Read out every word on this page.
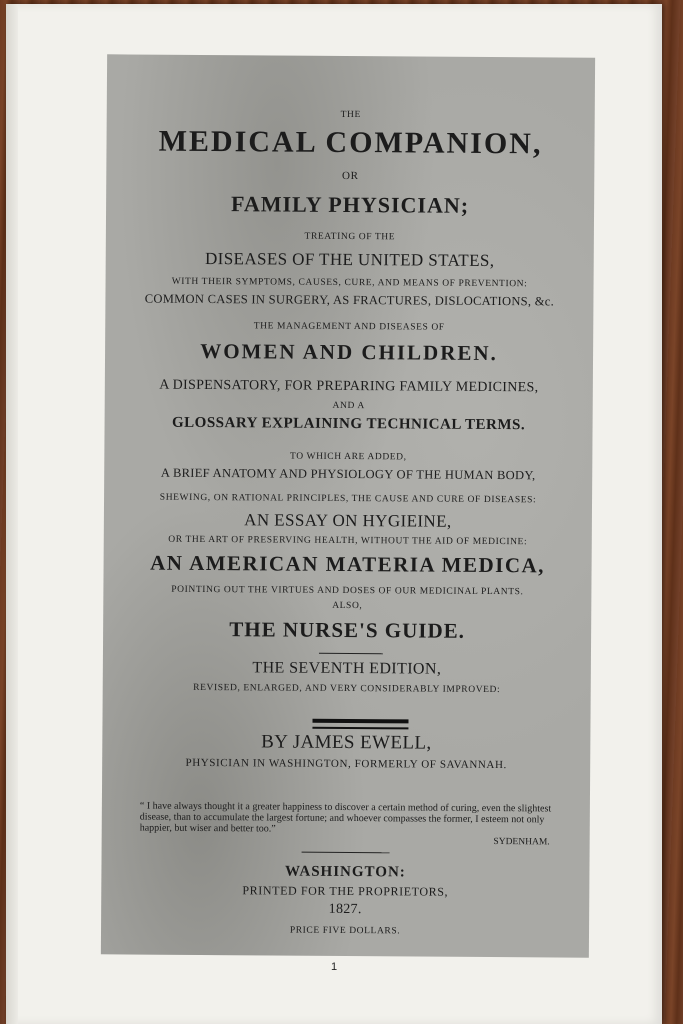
THE
MEDICAL COMPANION,
OR
FAMILY PHYSICIAN;
TREATING OF THE
DISEASES OF THE UNITED STATES,
WITH THEIR SYMPTOMS, CAUSES, CURE, AND MEANS OF PREVENTION:
COMMON CASES IN SURGERY, AS FRACTURES, DISLOCATIONS, &c.
THE MANAGEMENT AND DISEASES OF
WOMEN AND CHILDREN.
A DISPENSATORY, FOR PREPARING FAMILY MEDICINES,
AND A
GLOSSARY EXPLAINING TECHNICAL TERMS.
TO WHICH ARE ADDED,
A BRIEF ANATOMY AND PHYSIOLOGY OF THE HUMAN BODY,
SHEWING, ON RATIONAL PRINCIPLES, THE CAUSE AND CURE OF DISEASES:
AN ESSAY ON HYGIEINE,
OR THE ART OF PRESERVING HEALTH, WITHOUT THE AID OF MEDICINE:
AN AMERICAN MATERIA MEDICA,
POINTING OUT THE VIRTUES AND DOSES OF OUR MEDICINAL PLANTS.
ALSO,
THE NURSE'S GUIDE.
THE SEVENTH EDITION,
REVISED, ENLARGED, AND VERY CONSIDERABLY IMPROVED:
BY JAMES EWELL,
PHYSICIAN IN WASHINGTON, FORMERLY OF SAVANNAH.
“ I have always thought it a greater happiness to discover a certain method of curing, even the slightest disease, than to accumulate the largest fortune; and whoever compasses the former, I esteem not only happier, but wiser and better too.”
SYDENHAM.
WASHINGTON:
PRINTED FOR THE PROPRIETORS,
1827.
PRICE FIVE DOLLARS.
1
